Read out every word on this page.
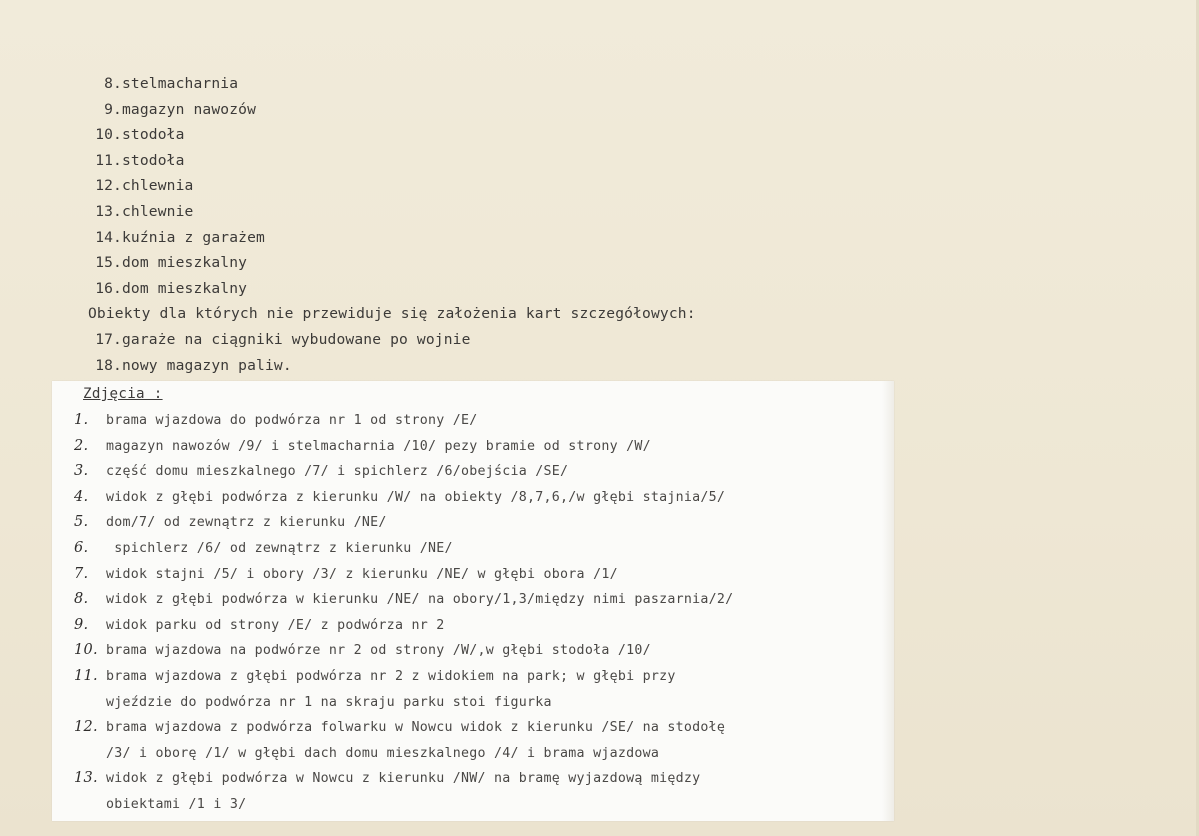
8.stelmacharnia
9.magazyn nawozów
10.stodoła
11.stodoła
12.chlewnia
13.chlewnie
14.kuźnia z garażem
15.dom mieszkalny
16.dom mieszkalny
Obiekty dla których nie przewiduje się założenia kart szczegółowych:
17.garaże na ciągniki wybudowane po wojnie
18.nowy magazyn paliw.
Zdjęcia :
1. brama wjazdowa do podwórza nr 1 od strony /E/
2. magazyn nawozów /9/ i stelmacharnia /10/ pezy bramie od strony /W/
3. część domu mieszkalnego /7/ i spichlerz /6/obejścia /SE/
4. widok z głębi podwórza z kierunku /W/ na obiekty /8,7,6,/w głębi stajnia/5/
5. dom/7/ od zewnątrz z kierunku /NE/
6. spichlerz /6/ od zewnątrz z kierunku /NE/
7. widok stajni /5/ i obory /3/ z kierunku /NE/ w głębi obora /1/
8. widok z głębi podwórza w kierunku /NE/ na obory/1,3/między nimi paszarnia/2/
9. widok parku od strony /E/ z podwórza nr 2
10. brama wjazdowa na podwórze nr 2 od strony /W/,w głębi stodoła /10/
11. brama wjazdowa z głębi podwórza nr 2 z widokiem na park; w głębi przy
wjeździe do podwórza nr 1 na skraju parku stoi figurka
12. brama wjazdowa z podwórza folwarku w Nowcu widok z kierunku /SE/ na stodołę
/3/ i oborę /1/ w głębi dach domu mieszkalnego /4/ i brama wjazdowa
13. widok z głębi podwórza w Nowcu z kierunku /NW/ na bramę wyjazdową między
obiektami /1 i 3/
